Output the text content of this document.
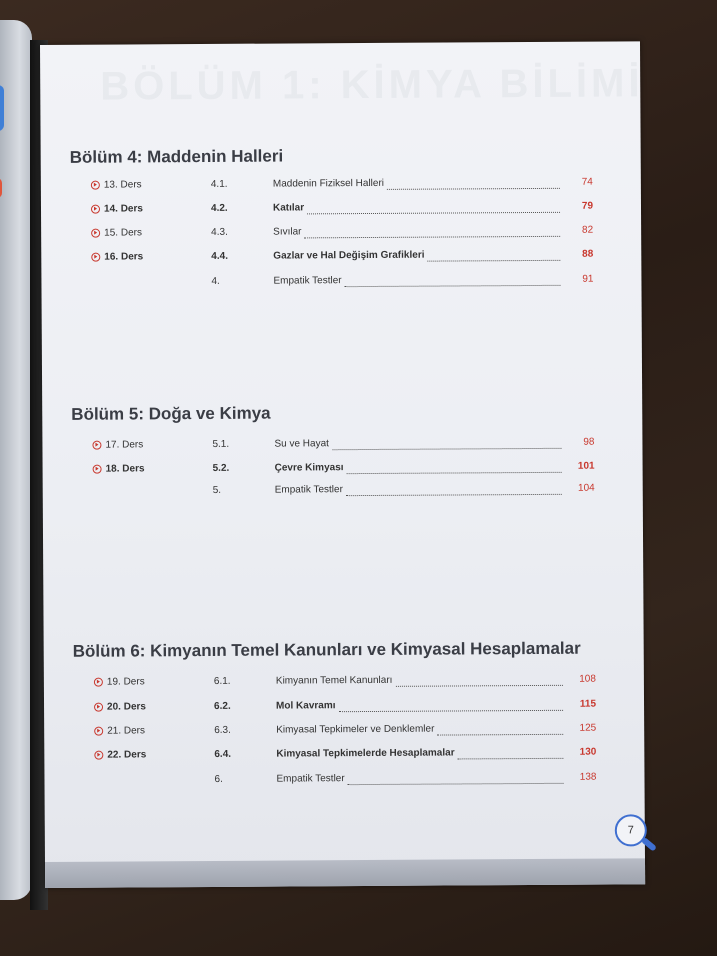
BÖLÜM 1: KİMYA BİLİMİ
7
Bölüm 4: Maddenin Halleri
13. Ders	4.1.	Maddenin Fiziksel Halleri	74
14. Ders	4.2.	Katılar	79
15. Ders	4.3.	Sıvılar	82
16. Ders	4.4.	Gazlar ve Hal Değişim Grafikleri	88
4.	Empatik Testler	91
Bölüm 5: Doğa ve Kimya
17. Ders	5.1.	Su ve Hayat	98
18. Ders	5.2.	Çevre Kimyası	101
5.	Empatik Testler	104
Bölüm 6: Kimyanın Temel Kanunları ve Kimyasal Hesaplamalar
19. Ders	6.1.	Kimyanın Temel Kanunları	108
20. Ders	6.2.	Mol Kavramı	115
21. Ders	6.3.	Kimyasal Tepkimeler ve Denklemler	125
22. Ders	6.4.	Kimyasal Tepkimelerde Hesaplamalar	130
6.	Empatik Testler	138
